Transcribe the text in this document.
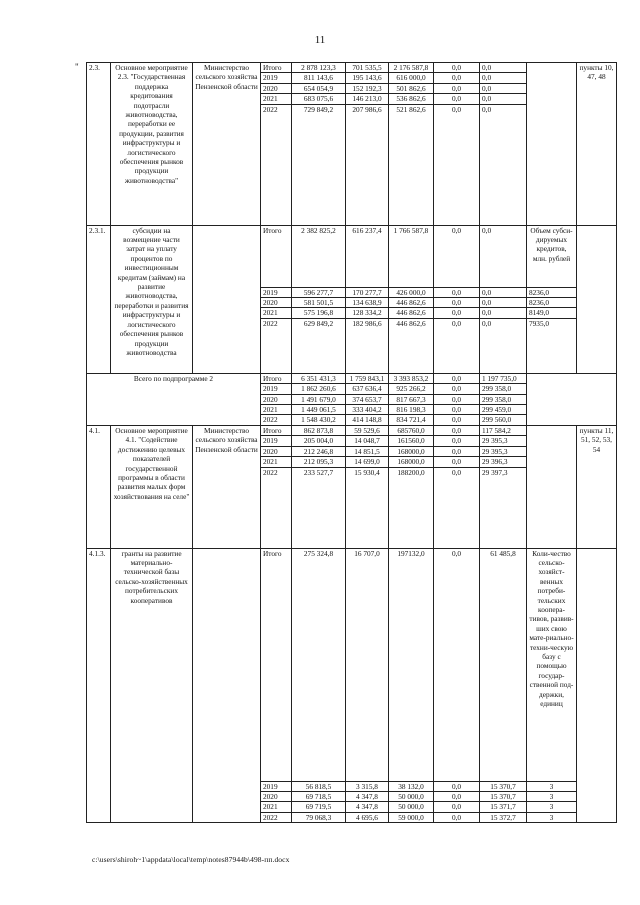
11
" 2.3.	Основное мероприятие 2.3. "Государственная поддержка кредитования подотрасли животноводства, переработки ее продукции, развития инфраструктуры и логистического обеспечения рынков продукции животноводства"	Министерство сельского хозяйства Пензенской области	Итого	2 878 123,3	701 535,5	2 176 587,8	0,0	0,0		пункты 10, 47, 48
			2019	811 143,6	195 143,6	616 000,0	0,0	0,0		
			2020	654 054,9	152 192,3	501 862,6	0,0	0,0		
			2021	683 075,6	146 213,0	536 862,6	0,0	0,0		
			2022	729 849,2	207 986,6	521 862,6	0,0	0,0		
2.3.1.	субсидии на возмещение части затрат на уплату процентов по инвестиционным кредитам (займам) на развитие животноводства, переработки и развития инфраструктуры и логистического обеспечения рынков продукции животноводства		Итого	2 382 825,2	616 237,4	1 766 587,8	0,0	0,0	Объем субси-дируемых кредитов, млн. рублей	
			2019	596 277,7	170 277,7	426 000,0	0,0	0,0	8236,0	
			2020	581 501,5	134 638,9	446 862,6	0,0	0,0	8236,0	
			2021	575 196,8	128 334,2	446 862,6	0,0	0,0	8149,0	
			2022	629 849,2	182 986,6	446 862,6	0,0	0,0	7935,0	
Всего по подпрограмме 2			Итого	6 351 431,3	1 759 843,1	3 393 853,2	0,0	1 197 735,0		
			2019	1 862 260,6	637 636,4	925 266,2	0,0	299 358,0		
			2020	1 491 679,0	374 653,7	817 667,3	0,0	299 358,0		
			2021	1 449 061,5	333 404,2	816 198,3	0,0	299 459,0		
			2022	1 548 430,2	414 148,8	834 721,4	0,0	299 560,0		
4.1.	Основное мероприятие 4.1. "Содействие достижению целевых показателей государственной программы в области развития малых форм хозяйствования на селе"	Министерство сельского хозяйства Пензенской области	Итого	862 873,8	59 529,6	685760,0	0,0	117 584,2		пункты 11, 51, 52, 53, 54
			2019	205 004,0	14 048,7	161560,0	0,0	29 395,3		
			2020	212 246,8	14 851,5	168000,0	0,0	29 395,3		
			2021	212 095,3	14 699,0	168000,0	0,0	29 396,3		
			2022	233 527,7	15 930,4	188200,0	0,0	29 397,3		
4.1.3.	гранты на развитие материально-технической базы сельско-хозяйственных потребительских кооперативов		Итого	275 324,8	16 707,0	197132,0	0,0	61 485,8	Коли-чество сельско-хозяйст-венных потреби-тельских коопера-тивов, развив-ших свою мате-риально-техни-ческую базу с помощью государ-ственной под-держки, единиц	
			2019	56 818,5	3 315,8	38 132,0	0,0	15 370,7	3	
			2020	69 718,5	4 347,8	50 000,0	0,0	15 370,7	3	
			2021	69 719,5	4 347,8	50 000,0	0,0	15 371,7	3	
			2022	79 068,3	4 695,6	59 000,0	0,0	15 372,7	3	
c:\users\shiroh~1\appdata\local\temp\notes87944b\498-пп.docx
